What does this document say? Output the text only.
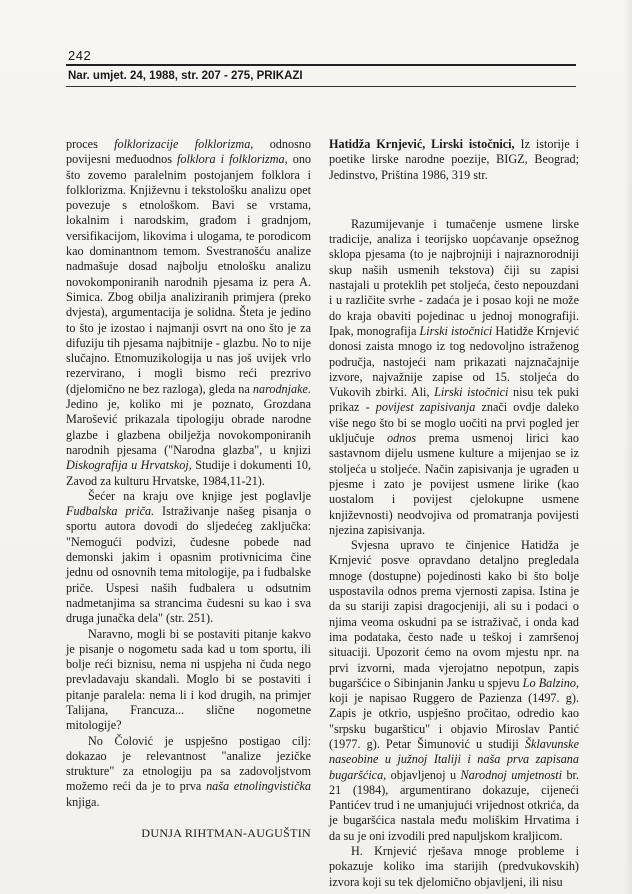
242
Nar. umjet. 24, 1988, str. 207 - 275, PRIKAZI

proces folklorizacije folklorizma, odnosno povijesni međuodnos folklora i folklorizma, ono što zovemo paralelnim postojanjem folklora i folklorizma. Književnu i tekstološku analizu opet povezuje s etnološkom. Bavi se vrstama, lokalnim i narodskim, građom i gradnjom, versifikacijom, likovima i ulogama, te porodicom kao dominantnom temom. Svestranošću analize nadmašuje dosad najbolju etnološku analizu novokomponiranih narodnih pjesama iz pera A. Simica. Zbog obilja analiziranih primjera (preko dvjesta), argumentacija je solidna. Šteta je jedino to što je izostao i najmanji osvrt na ono što je za difuziju tih pjesama najbitnije - glazbu. No to nije slučajno. Etnomuzikologija u nas još uvijek vrlo rezervirano, i mogli bismo reći prezrivo (djelomično ne bez razloga), gleda na narodnjake. Jedino je, koliko mi je poznato, Grozdana Marošević prikazala tipologiju obrade narodne glazbe i glazbena obilježja novokomponiranih narodnih pjesama ("Narodna glazba", u knjizi Diskografija u Hrvatskoj, Studije i dokumenti 10, Zavod za kulturu Hrvatske, 1984,11-21).

Šećer na kraju ove knjige jest poglavlje Fudbalska priča. Istraživanje našeg pisanja o sportu autora dovodi do sljedećeg zaključka: "Nemogući podvizi, čudesne pobede nad demonski jakim i opasnim protivnicima čine jednu od osnovnih tema mitologije, pa i fudbalske priče. Uspesi naših fudbalera u odsutnim nadmetanjima sa strancima čudesni su kao i sva druga junačka dela" (str. 251).

Naravno, mogli bi se postaviti pitanje kakvo je pisanje o nogometu sada kad u tom sportu, ili bolje reći biznisu, nema ni uspjeha ni čuda nego prevladavaju skandali. Moglo bi se postaviti i pitanje paralela: nema li i kod drugih, na primjer Talijana, Francuza... slične nogometne mitologije?

No Čolović je uspješno postigao cilj: dokazao je relevantnost "analize jezičke strukture" za etnologiju pa sa zadovoljstvom možemo reći da je to prva naša etnolingvistička knjiga.

DUNJA RIHTMAN-AUGUŠTIN

Hatidža Krnjević, Lirski istočnici, Iz istorije i poetike lirske narodne poezije, BIGZ, Beograd; Jedinstvo, Priština 1986, 319 str.

Razumijevanje i tumačenje usmene lirske tradicije, analiza i teorijsko uopćavanje opsežnog sklopa pjesama (to je najbrojniji i najraznorodniji skup naših usmenih tekstova) čiji su zapisi nastajali u proteklih pet stoljeća, često nepouzdani i u različite svrhe - zadaća je i posao koji ne može do kraja obaviti pojedinac u jednoj monografiji. Ipak, monografija Lirski istočnici Hatidže Krnjević donosi zaista mnogo iz tog nedovoljno istraženog područja, nastojeći nam prikazati najznačajnije izvore, najvažnije zapise od 15. stoljeća do Vukovih zbirki. Ali, Lirski istočnici nisu tek puki prikaz - povijest zapisivanja znači ovdje daleko više nego što bi se moglo uočiti na prvi pogled jer uključuje odnos prema usmenoj lirici kao sastavnom dijelu usmene kulture a mijenjao se iz stoljeća u stoljeće. Način zapisivanja je ugrađen u pjesme i zato je povijest usmene lirike (kao uostalom i povijest cjelokupne usmene književnosti) neodvojiva od promatranja povijesti njezina zapisivanja.

Svjesna upravo te činjenice Hatidža je Krnjević posve opravdano detaljno pregledala mnoge (dostupne) pojedinosti kako bi što bolje uspostavila odnos prema vjernosti zapisa. Istina je da su stariji zapisi dragocjeniji, ali su i podaci o njima veoma oskudni pa se istraživač, i onda kad ima podataka, često nađe u teškoj i zamršenoj situaciji. Upozorit ćemo na ovom mjestu npr. na prvi izvorni, mada vjerojatno nepotpun, zapis bugaršćice o Sibinjanin Janku u spjevu Lo Balzino, koji je napisao Ruggero de Pazienza (1497. g). Zapis je otkrio, uspješno pročitao, odredio kao "srpsku bugaršticu" i objavio Miroslav Pantić (1977. g). Petar Šimunović u studiji Šklavunske naseobine u južnoj Italiji i naša prva zapisana bugaršćica, objavljenoj u Narodnoj umjetnosti br. 21 (1984), argumentirano dokazuje, cijeneći Pantićev trud i ne umanjujući vrijednost otkrića, da je bugaršćica nastala među moliškim Hrvatima i da su je oni izvodili pred napuljskom kraljicom.

H. Krnjević rješava mnoge probleme i pokazuje koliko ima starijih (predvukovskih) izvora koji su tek djelomično objavljeni, ili nisu
